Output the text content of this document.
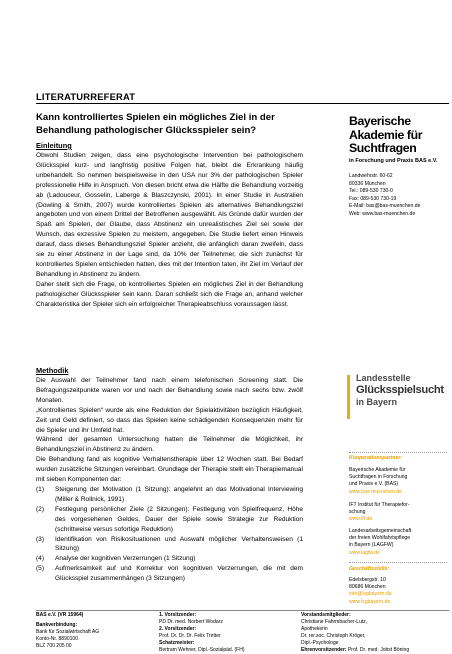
LITERATURREFERAT
Kann kontrolliertes Spielen ein mögliches Ziel in der Behandlung pathologischer Glücksspieler sein?
Einleitung

Obwohl Studien zeigen, dass eine psychologische Intervention bei pathologischem Glücksspiel kurz- und langfristig positive Folgen hat, bleibt die Erkrankung häufig unbehandelt. So nehmen beispielsweise in den USA nur 3% der pathologischen Spieler professionelle Hilfe in Anspruch. Von diesen bricht etwa die Hälfte die Behandlung vorzeitig ab (Ladouceur, Gosselin, Laberge & Blaszczynski, 2001). In einer Studie in Australien (Dowling & Smith, 2007) wurde kontrolliertes Spielen als alternatives Behandlungsziel angeboten und von einem Drittel der Betroffenen ausgewählt. Als Gründe dafür wurden der Spaß am Spielen, der Glaube, dass Abstinenz ein unrealistisches Ziel sei sowie der Wunsch, das exzessive Spielen zu meistern, angegeben. Die Studie liefert einen Hinweis darauf, dass dieses Behandlungsziel Spieler anzieht, die anfänglich daran zweifeln, dass sie zu einer Abstinenz in der Lage sind, da 10% der Teilnehmer, die sich zunächst für kontrolliertes Spielen entschieden hatten, dies mit der Intention taten, ihr Ziel im Verlauf der Behandlung in Abstinenz zu ändern.

Daher stellt sich die Frage, ob kontrolliertes Spielen ein mögliches Ziel in der Behandlung pathologischer Glücksspieler sein kann. Daran schließt sich die Frage an, anhand welcher Charakteristika der Spieler sich ein erfolgreicher Therapieabschluss voraussagen lässt.

Methodik

Die Auswahl der Teilnehmer fand nach einem telefonischen Screening statt. Die Befragungszeitpunkte waren vor und nach der Behandlung sowie nach sechs bzw. zwölf Monaten.

„Kontrolliertes Spielen“ wurde als eine Reduktion der Spielaktivitäten bezüglich Häufigkeit, Zeit und Geld definiert, so dass das Spielen keine schädigenden Konsequenzen mehr für die Spieler und ihr Umfeld hat.

Während der gesamten Untersuchung hatten die Teilnehmer die Möglichkeit, ihr Behandlungsziel in Abstinenz zu ändern.

Die Behandlung fand als kognitive Verhaltenstherapie über 12 Wochen statt. Bei Bedarf wurden zusätzliche Sitzungen vereinbart. Grundlage der Therapie stellt ein Therapiemanual mit sieben Komponenten dar:

(1)	Steigerung der Motivation (1 Sitzung): angelehnt an das Motivational Interviewing (Miller & Rollnick, 1991)
(2)	Festlegung persönlicher Ziele (2 Sitzungen): Festlegung von Spielfrequenz, Höhe des vorgesehenen Geldes, Dauer der Spiele sowie Strategie zur Reduktion (schrittweise versus sofortige Reduktion)
(3)	Identifikation von Risikosituationen und Auswahl möglicher Verhaltensweisen (1 Sitzung)
(4)	Analyse der kognitiven Verzerrungen (1 Sitzung)
(5)	Aufmerksamkeit auf und Korrektur von kognitiven Verzerrungen, die mit dem Glücksspiel zusammenhängen (3 Sitzungen)
Bayerische
Akademie für
Suchtfragen
in Forschung und Praxis BAS e.V.
Landwehrstr. 60-62
80336 München
Tel.: 089-530 730-0
Fax: 089-530 730-19
E-Mail: bas@bas-muenchen.de
Web: www.bas-muenchen.de
Landesstelle
Glücksspielsucht
in Bayern
Kooperationspartner:
Bayerische Akademie für
Suchtfragen in Forschung
und Praxis e.V. (BAS)
www.bas-muenchen.de
IFT Institut für Therapiefor-
schung
www.ift.de
Landesarbeitsgemeinschaft
der freien Wohlfahrtspflege
in Bayern (LAGFW)
www.lagfw.de
Geschäftsstelle:
Edelsbergstr. 10
80686 München
info@lsgbayern.de
www.lsgbayern.de
BAS e.V. (VR 15964)
Bankverbindung:
Bank für Sozialwirtschaft AG
Konto-Nr. 8890100
BLZ 700 205 00
1. Vorsitzender:
PD Dr. med. Norbert Wodarz
2. Vorsitzender:
Prof. Dr. Dr. Dr. Felix Tretter
Schatzmeister:
Bertram Wehner, Dipl.-Sozialpäd. (FH)
Vorstandsmitglieder:
Christiane Fahrmbacher-Lutz,
Apothekerin
Dr. rer.soc. Christoph Kröger,
Dipl.-Psychologe
Ehrenvorsitzender: Prof. Dr. med. Jobst Böning
